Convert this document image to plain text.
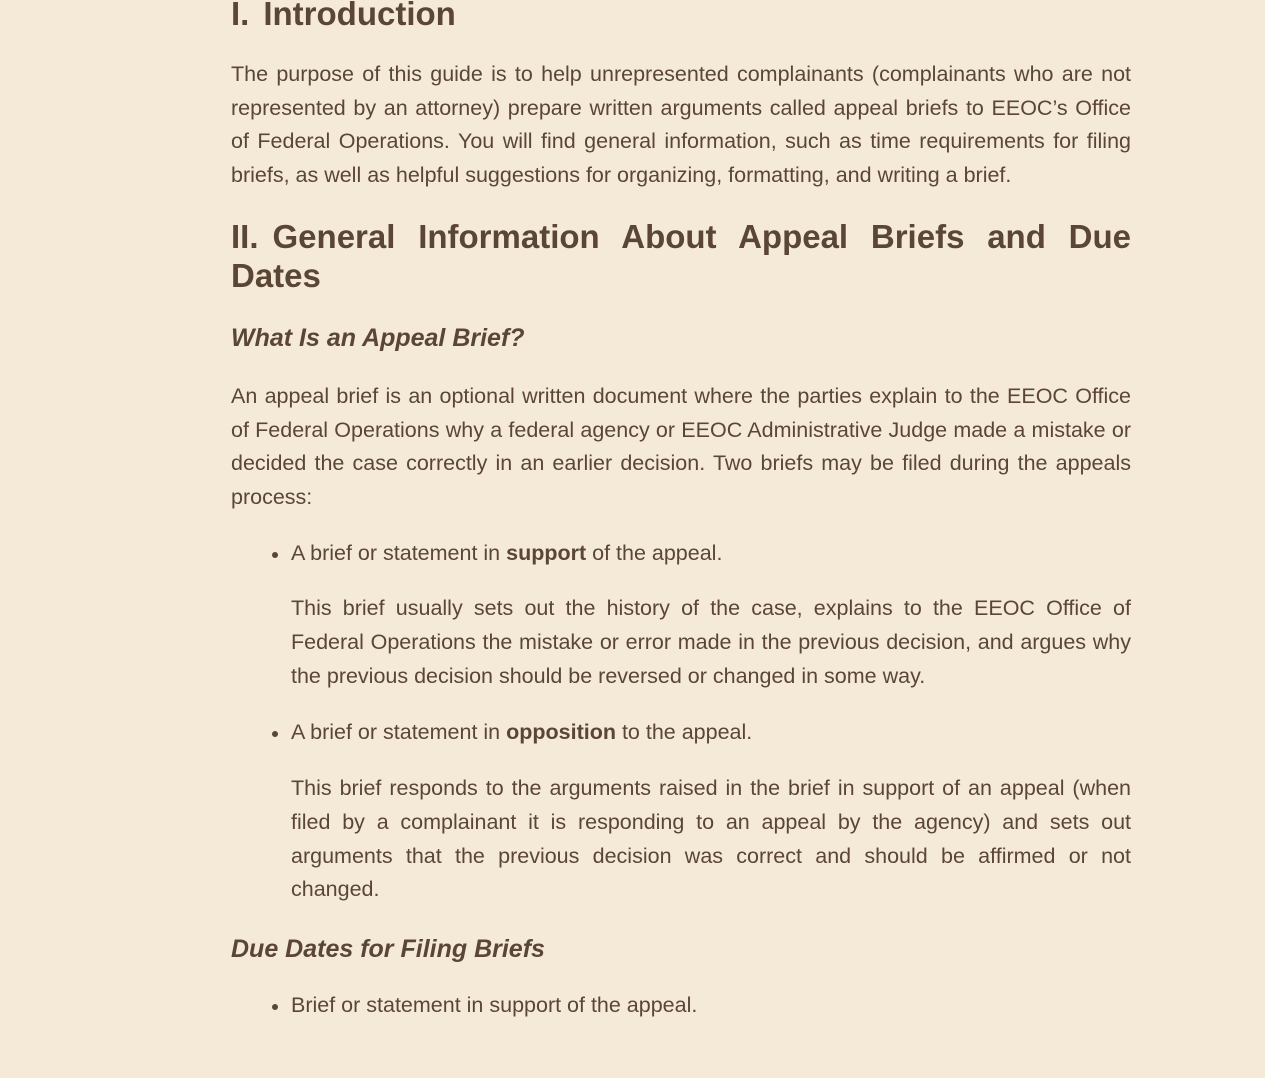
I. Introduction

The purpose of this guide is to help unrepresented complainants (complainants who are not represented by an attorney) prepare written arguments called appeal briefs to EEOC’s Office of Federal Operations. You will find general information, such as time requirements for filing briefs, as well as helpful suggestions for organizing, formatting, and writing a brief.

II. General Information About Appeal Briefs and Due Dates
What Is an Appeal Brief?

An appeal brief is an optional written document where the parties explain to the EEOC Office of Federal Operations why a federal agency or EEOC Administrative Judge made a mistake or decided the case correctly in an earlier decision. Two briefs may be filed during the appeals process:

A brief or statement in support of the appeal.

This brief usually sets out the history of the case, explains to the EEOC Office of Federal Operations the mistake or error made in the previous decision, and argues why the previous decision should be reversed or changed in some way.

A brief or statement in opposition to the appeal.

This brief responds to the arguments raised in the brief in support of an appeal (when filed by a complainant it is responding to an appeal by the agency) and sets out arguments that the previous decision was correct and should be affirmed or not changed.

Due Dates for Filing Briefs
Brief or statement in support of the appeal.
